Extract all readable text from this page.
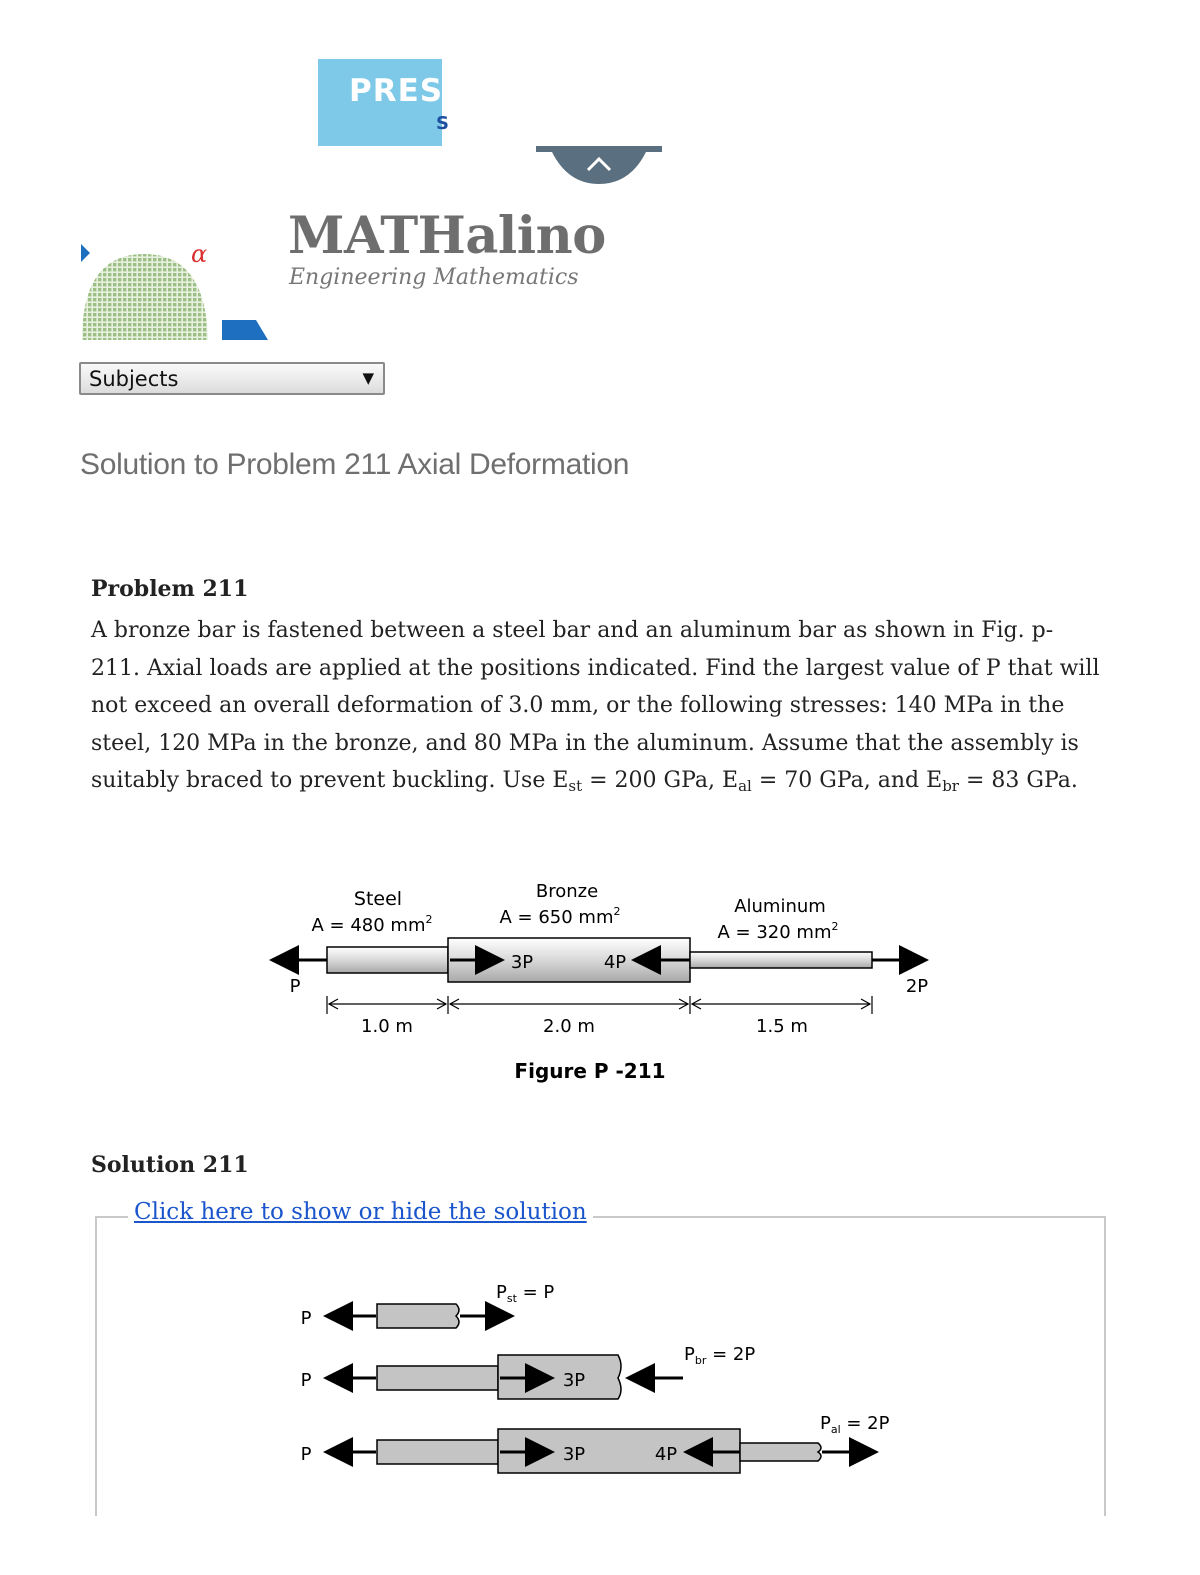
PRES
S
α MATHalino
Engineering Mathematics
Subjects	▼
Solution to Problem 211 Axial Deformation
Problem 211
A bronze bar is fastened between a steel bar and an aluminum bar as shown in Fig. p-211. Axial loads are applied at the positions indicated. Find the largest value of P that will not exceed an overall deformation of 3.0 mm, or the following stresses: 140 MPa in the steel, 120 MPa in the bronze, and 80 MPa in the aluminum. Assume that the assembly is suitably braced to prevent buckling. Use $E_{st} = 200$ GPa, $E_{al} = 70$ GPa, and $E_{br} = 83$ GPa.
Steel
A = 480 $mm^2$
Bronze
A = 650 $mm^2$	Aluminum
A = 320 $mm^2$
P
3P	4P
2P
1.0 m	2.0 m	1.5 m
Figure P -211
Solution 211
Click here to show or hide the solution
P
$P_{st} = P$
P	3P
$P_{br} = 2P$
P	3P	4P
$P_{al} = 2P$
